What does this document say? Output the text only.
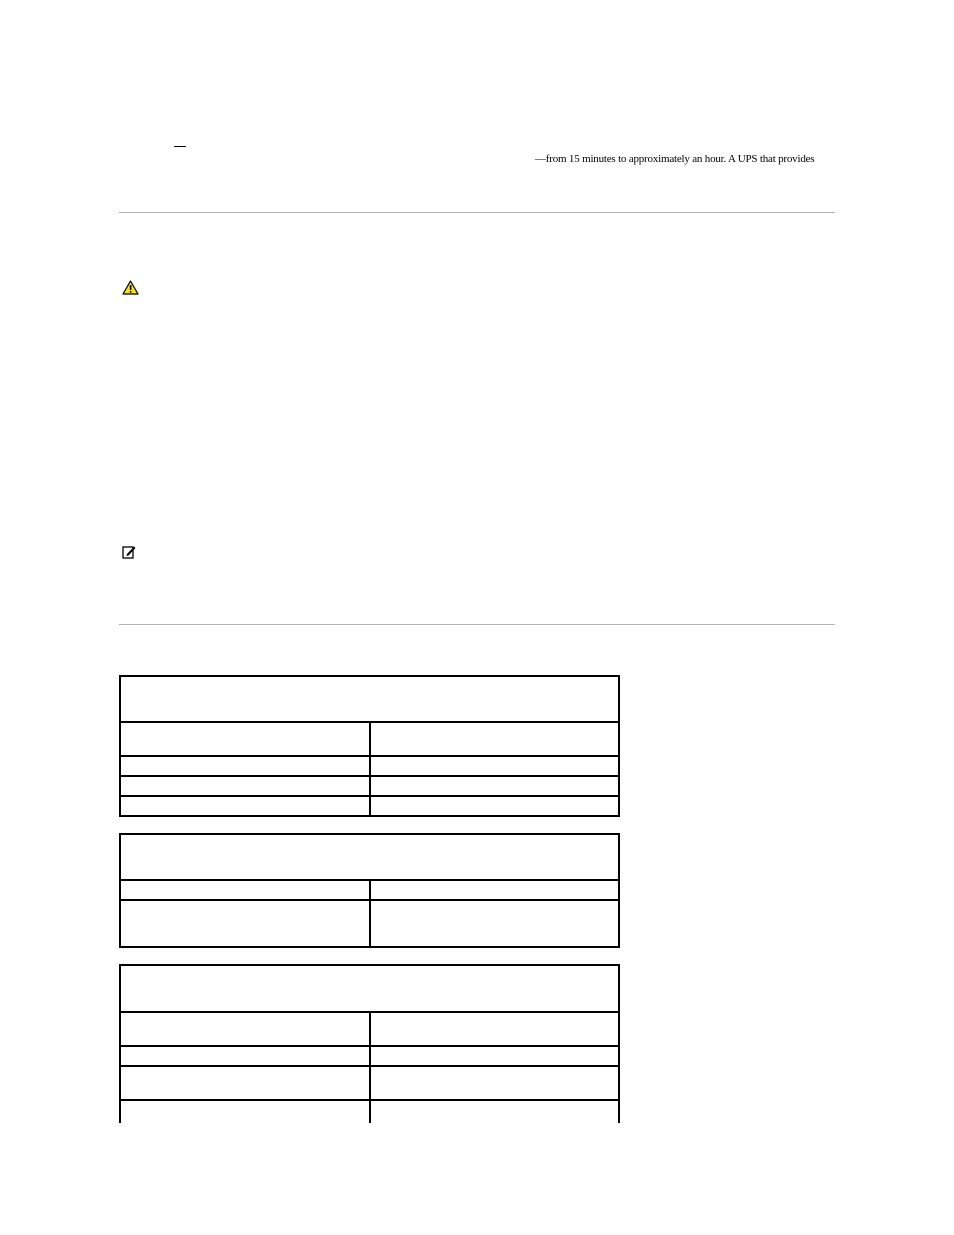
—from 15 minutes to approximately an hour. A UPS that provides
